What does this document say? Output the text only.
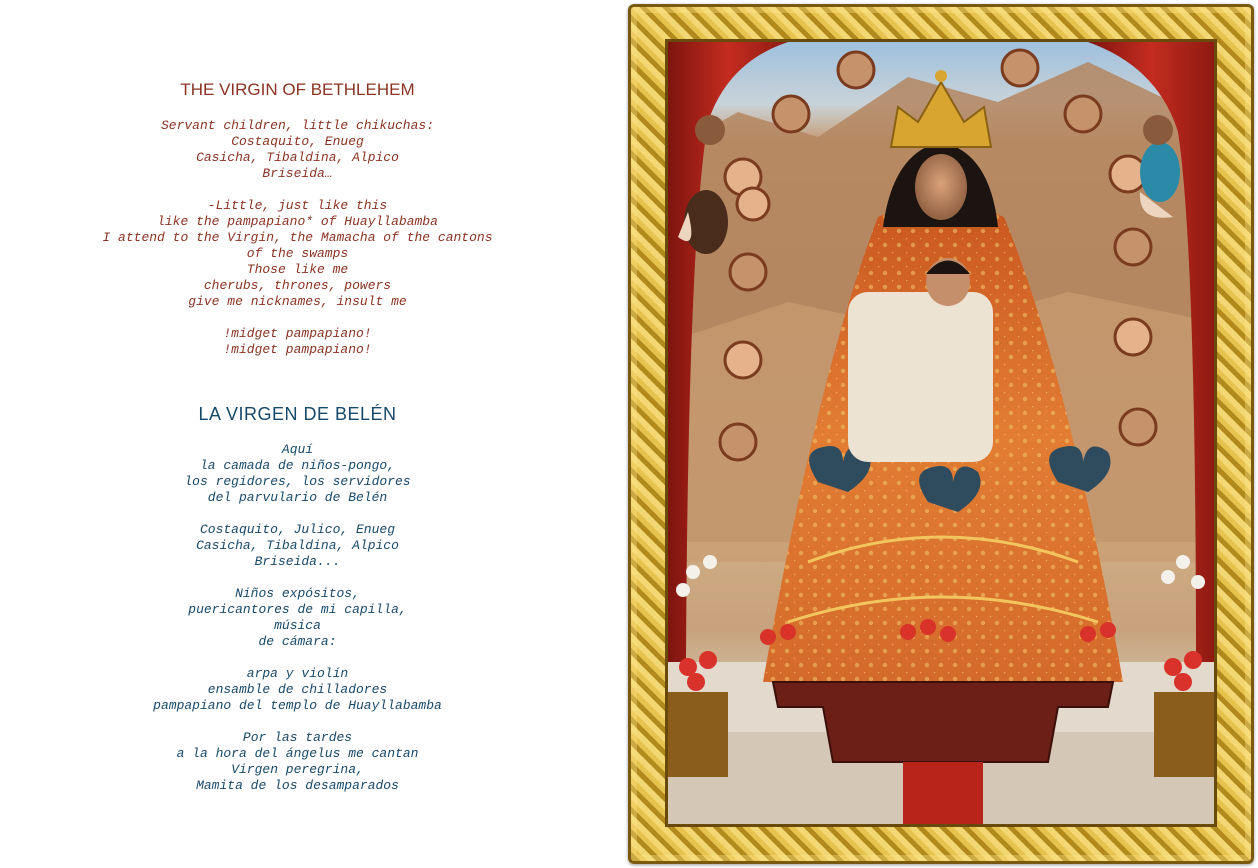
THE VIRGIN OF BETHLEHEM
Servant children, little chikuchas:
Costaquito, Enueg
Casicha, Tibaldina, Alpico
Briseida…
-Little, just like this
like the pampapiano* of Huayllabamba
I attend to the Virgin, the Mamacha of the cantons
of the swamps
Those like me
cherubs, thrones, powers
give me nicknames, insult me
!midget pampapiano!
!midget pampapiano!
LA VIRGEN DE BELÉN
Aquí
la camada de niños-pongo,
los regidores, los servidores
del parvulario de Belén
Costaquito, Julico, Enueg
Casicha, Tibaldina, Alpico
Briseida...
Niños expósitos,
puericantores de mi capilla,
música
de cámara:
arpa y violín
ensamble de chilladores
pampapiano del templo de Huayllabamba
Por las tardes
a la hora del ángelus me cantan
Virgen peregrina,
Mamita de los desamparados
